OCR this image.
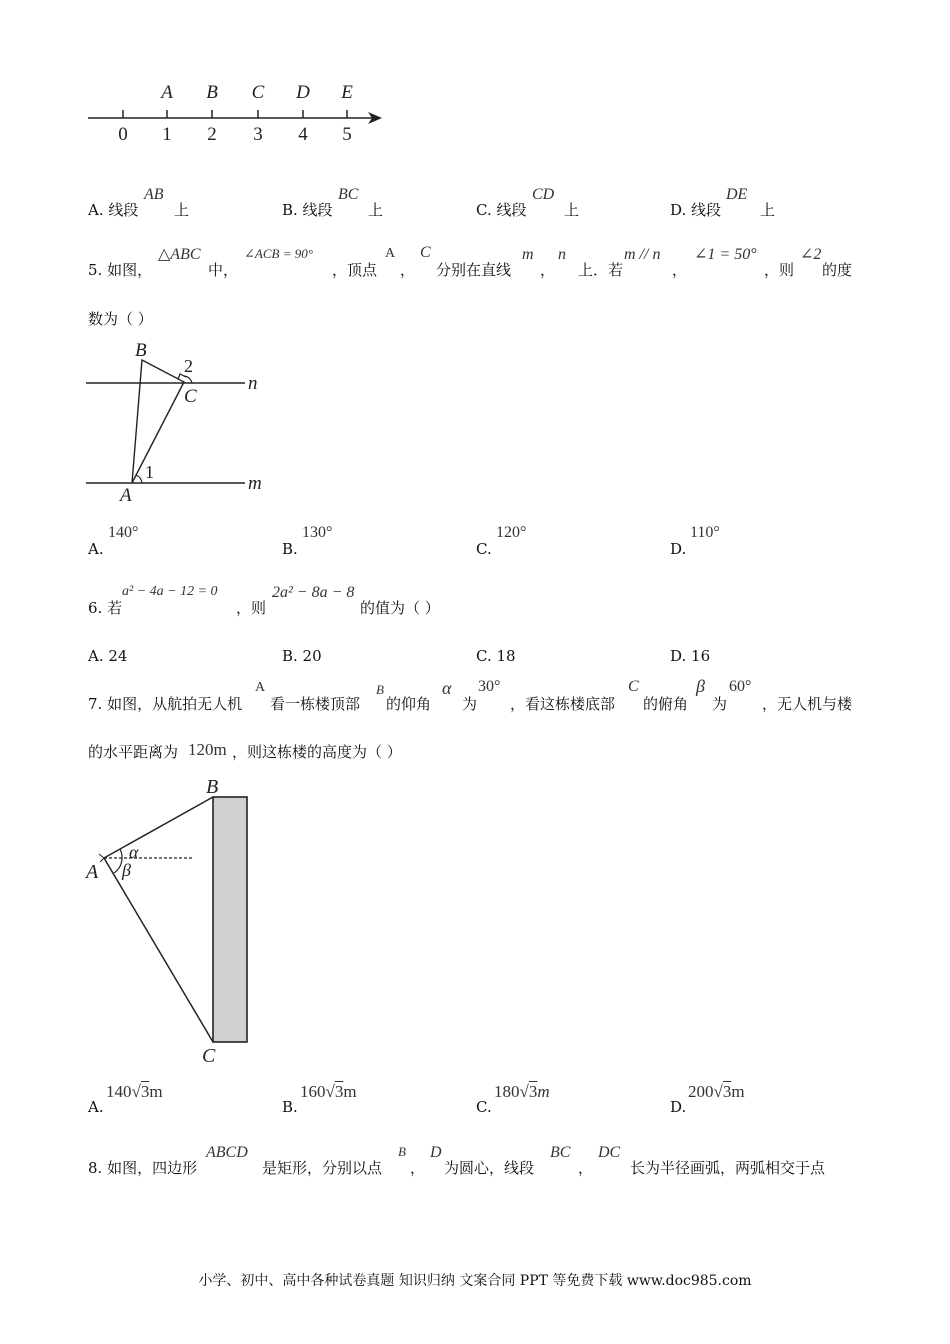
A B C D E
0 1 2 3 4 5
A. 线段
AB
上	B. 线段
BC
上	C. 线段
CD
上	D. 线段
DE
上
5. 如图，
△ABC
中，
∠ACB = 90°
，顶点
A
，
C
分别在直线
m
，
n
上．若
m // n
，
∠1 = 50°
，则
∠2
的度
数为（ ）
B
C
A
n
m
1
2
A.
140°
B.
130°
C.
120°
D.
110°
6. 若
a² − 4a − 12 = 0
，则
2a² − 8a − 8
的值为（ ）
A. 24	B. 20	C. 18	D. 16
7. 如图，从航拍无人机
A
看一栋楼顶部
B
的仰角
α
为
30°
，看这栋楼底部
C
的俯角
β
为
60°
，无人机与楼
的水平距离为 120m ，则这栋楼的高度为（ ）
B
A
C
α
β
A.
140√3m
B.
160√3m
C.
180√3m
D.
200√3m
8. 如图，四边形
ABCD
是矩形，分别以点
B
，
D
为圆心，线段
BC
，
DC
长为半径画弧，两弧相交于点
小学、初中、高中各种试卷真题 知识归纳 文案合同 PPT 等免费下载 www.doc985.com
